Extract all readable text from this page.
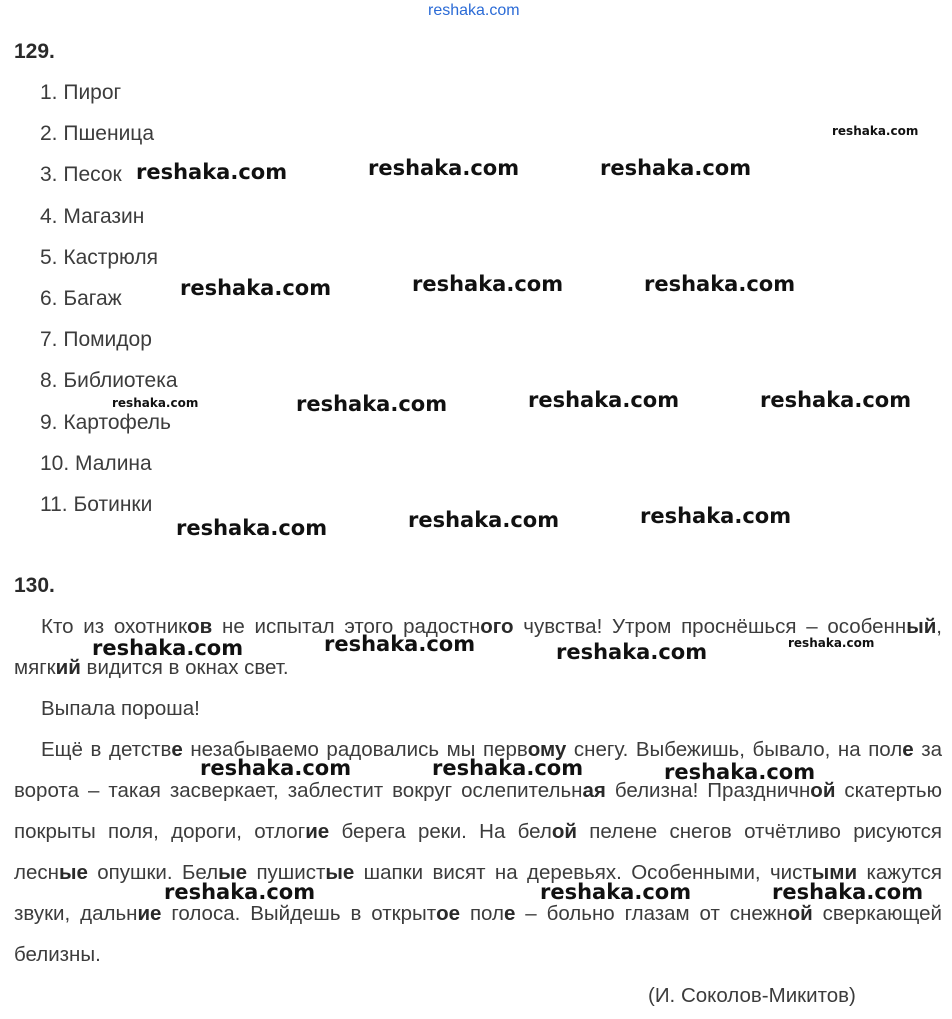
reshaka.com
129.
1. Пирог
2. Пшеница
3. Песок
4. Магазин
5. Кастрюля
6. Багаж
7. Помидор
8. Библиотека
9. Картофель
10. Малина
11. Ботинки
130.

Кто из охотников не испытал этого радостного чувства! Утром проснёшься – особенный, мягкий видится в окнах свет.

Выпала пороша!

Ещё в детстве незабываемо радовались мы первому снегу. Выбежишь, бывало, на поле за ворота – такая засверкает, заблестит вокруг ослепительная белизна! Праздничной скатертью покрыты поля, дороги, отлогие берега реки. На белой пелене снегов отчётливо рисуются лесные опушки. Белые пушистые шапки висят на деревьях. Особенными, чистыми кажутся звуки, дальние голоса. Выйдешь в открытое поле – больно глазам от снежной сверкающей белизны.

(И. Соколов-Микитов)
reshaka.com	reshaka.com	reshaka.com
reshaka.com
reshaka.com	reshaka.com	reshaka.com
reshaka.com	reshaka.com	reshaka.com	reshaka.com
reshaka.com	reshaka.com	reshaka.com
reshaka.com	reshaka.com	reshaka.com	reshaka.com
reshaka.com	reshaka.com	reshaka.com
reshaka.com	reshaka.com	reshaka.com
